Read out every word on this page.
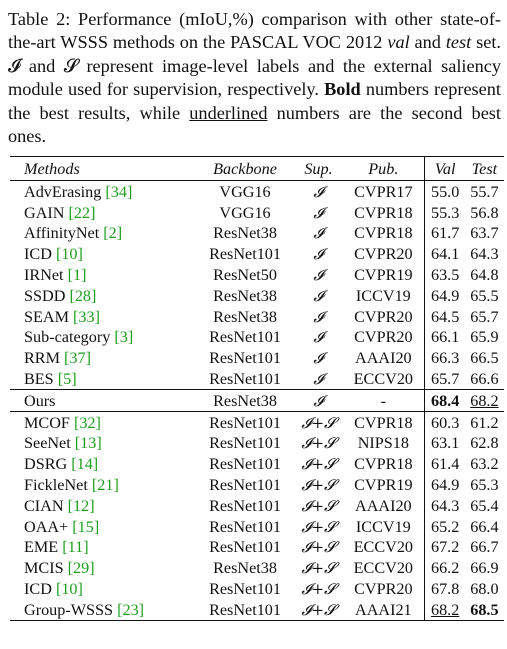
Table 2: Performance (mIoU,%) comparison with other state-of-the-art WSSS methods on the PASCAL VOC 2012 val and test set. 𝓘 and 𝓢 represent image-level labels and the external saliency module used for supervision, respectively. Bold numbers represent the best results, while underlined numbers are the second best ones.

Methods	Backbone	Sup.	Pub.	Val	Test
AdvErasing [34]	VGG16	𝓘	CVPR17	55.0	55.7
GAIN [22]	VGG16	𝓘	CVPR18	55.3	56.8
AffinityNet [2]	ResNet38	𝓘	CVPR18	61.7	63.7
ICD [10]	ResNet101	𝓘	CVPR20	64.1	64.3
IRNet [1]	ResNet50	𝓘	CVPR19	63.5	64.8
SSDD [28]	ResNet38	𝓘	ICCV19	64.9	65.5
SEAM [33]	ResNet38	𝓘	CVPR20	64.5	65.7
Sub-category [3]	ResNet101	𝓘	CVPR20	66.1	65.9
RRM [37]	ResNet101	𝓘	AAAI20	66.3	66.5
BES [5]	ResNet101	𝓘	ECCV20	65.7	66.6
Ours	ResNet38	𝓘	-	68.4	68.2
MCOF [32]	ResNet101	𝓘+𝓢	CVPR18	60.3	61.2
SeeNet [13]	ResNet101	𝓘+𝓢	NIPS18	63.1	62.8
DSRG [14]	ResNet101	𝓘+𝓢	CVPR18	61.4	63.2
FickleNet [21]	ResNet101	𝓘+𝓢	CVPR19	64.9	65.3
CIAN [12]	ResNet101	𝓘+𝓢	AAAI20	64.3	65.4
OAA+ [15]	ResNet101	𝓘+𝓢	ICCV19	65.2	66.4
EME [11]	ResNet101	𝓘+𝓢	ECCV20	67.2	66.7
MCIS [29]	ResNet38	𝓘+𝓢	ECCV20	66.2	66.9
ICD [10]	ResNet101	𝓘+𝓢	CVPR20	67.8	68.0
Group-WSSS [23]	ResNet101	𝓘+𝓢	AAAI21	68.2	68.5
